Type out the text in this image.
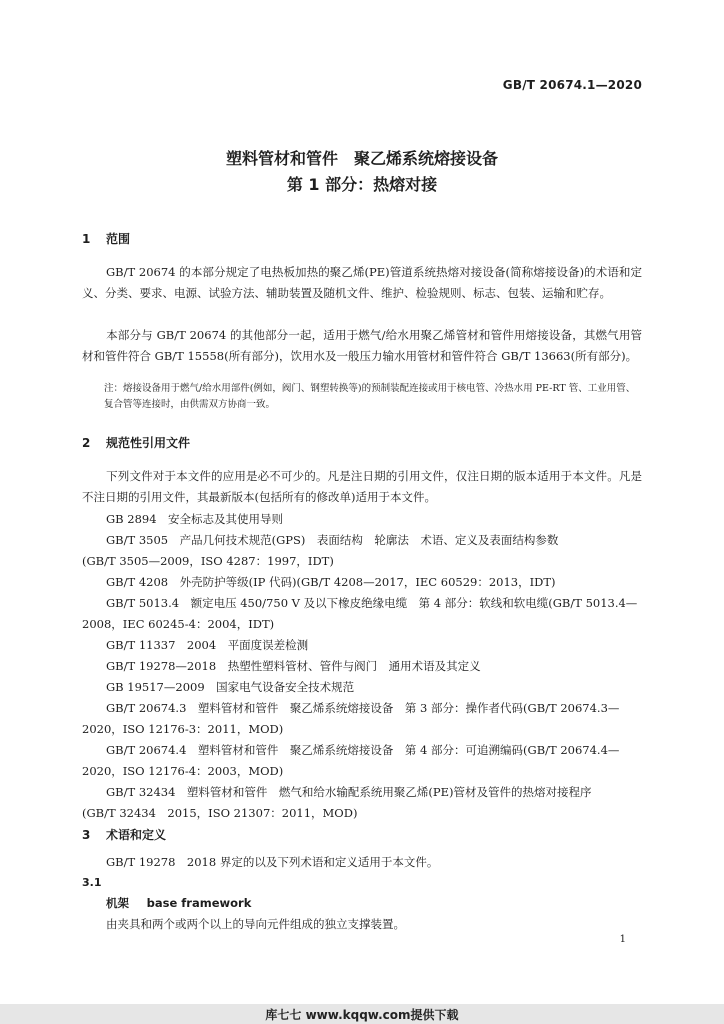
GB/T 20674.1—2020
塑料管材和管件 聚乙烯系统熔接设备
第 1 部分：热熔对接
1 范围
GB/T 20674 的本部分规定了电热板加热的聚乙烯(PE)管道系统热熔对接设备(简称熔接设备)的术语和定义、分类、要求、电源、试验方法、辅助装置及随机文件、维护、检验规则、标志、包装、运输和贮存。
本部分与 GB/T 20674 的其他部分一起，适用于燃气/给水用聚乙烯管材和管件用熔接设备，其燃气用管材和管件符合 GB/T 15558(所有部分)，饮用水及一般压力输水用管材和管件符合 GB/T 13663(所有部分)。
注：熔接设备用于燃气/给水用部件(例如，阀门、钢塑转换等)的预制装配连接或用于核电管、冷热水用 PE-RT 管、工业用管、复合管等连接时，由供需双方协商一致。
2 规范性引用文件
下列文件对于本文件的应用是必不可少的。凡是注日期的引用文件，仅注日期的版本适用于本文件。凡是不注日期的引用文件，其最新版本(包括所有的修改单)适用于本文件。
GB 2894　安全标志及其使用导则
GB/T 3505　产品几何技术规范(GPS)　表面结构　轮廓法　术语、定义及表面结构参数
(GB/T 3505—2009，ISO 4287：1997，IDT)
GB/T 4208　外壳防护等级(IP 代码)(GB/T 4208—2017，IEC 60529：2013，IDT)
GB/T 5013.4　额定电压 450/750 V 及以下橡皮绝缘电缆　第 4 部分：软线和软电缆(GB/T 5013.4—
2008，IEC 60245-4：2004，IDT)
GB/T 11337　2004　平面度误差检测
GB/T 19278—2018　热塑性塑料管材、管件与阀门　通用术语及其定义
GB 19517—2009　国家电气设备安全技术规范
GB/T 20674.3　塑料管材和管件　聚乙烯系统熔接设备　第 3 部分：操作者代码(GB/T 20674.3—
2020，ISO 12176-3：2011，MOD)
GB/T 20674.4　塑料管材和管件　聚乙烯系统熔接设备　第 4 部分：可追溯编码(GB/T 20674.4—
2020，ISO 12176-4：2003，MOD)
GB/T 32434　塑料管材和管件　燃气和给水输配系统用聚乙烯(PE)管材及管件的热熔对接程序
(GB/T 32434　2015，ISO 21307：2011，MOD)
3 术语和定义
GB/T 19278　2018 界定的以及下列术语和定义适用于本文件。
3.1
机架 base framework
由夹具和两个或两个以上的导向元件组成的独立支撑装置。
1
库七七 www.kqqw.com提供下载
